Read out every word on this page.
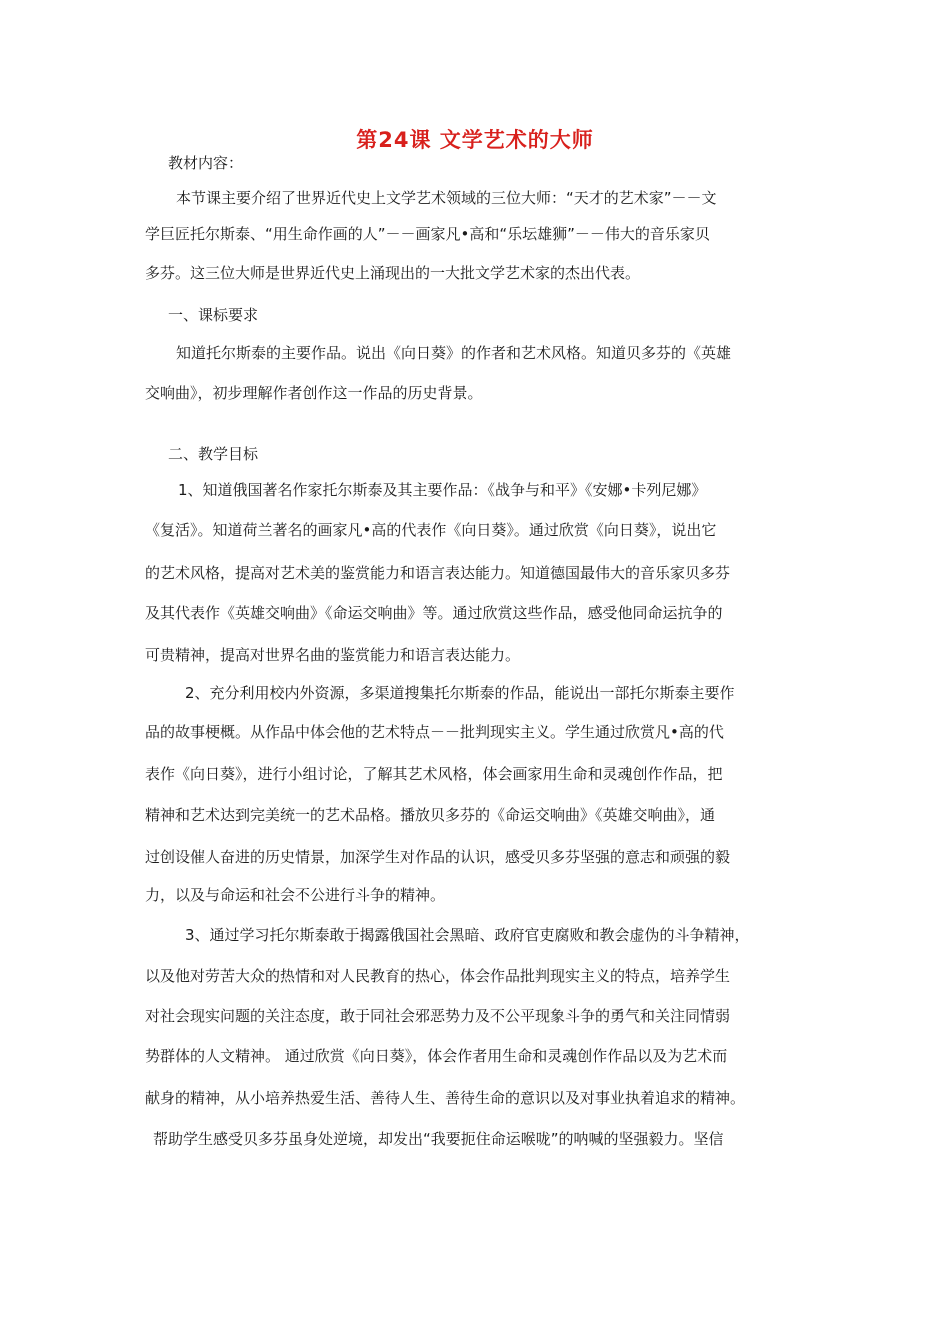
第24课 文学艺术的大师
教材内容：
本节课主要介绍了世界近代史上文学艺术领域的三位大师：“天才的艺术家”－－文
学巨匠托尔斯泰、“用生命作画的人”－－画家凡•高和“乐坛雄狮”－－伟大的音乐家贝
多芬。这三位大师是世界近代史上涌现出的一大批文学艺术家的杰出代表。
一、课标要求
知道托尔斯泰的主要作品。说出《向日葵》的作者和艺术风格。知道贝多芬的《英雄
交响曲》，初步理解作者创作这一作品的历史背景。
二、教学目标
1、知道俄国著名作家托尔斯泰及其主要作品：《战争与和平》《安娜•卡列尼娜》
《复活》。知道荷兰著名的画家凡•高的代表作《向日葵》。通过欣赏《向日葵》，说出它
的艺术风格，提高对艺术美的鉴赏能力和语言表达能力。知道德国最伟大的音乐家贝多芬
及其代表作《英雄交响曲》《命运交响曲》等。通过欣赏这些作品，感受他同命运抗争的
可贵精神，提高对世界名曲的鉴赏能力和语言表达能力。
2、充分利用校内外资源，多渠道搜集托尔斯泰的作品，能说出一部托尔斯泰主要作
品的故事梗概。从作品中体会他的艺术特点－－批判现实主义。学生通过欣赏凡•高的代
表作《向日葵》，进行小组讨论，了解其艺术风格，体会画家用生命和灵魂创作作品，把
精神和艺术达到完美统一的艺术品格。播放贝多芬的《命运交响曲》《英雄交响曲》，通
过创设催人奋进的历史情景，加深学生对作品的认识，感受贝多芬坚强的意志和顽强的毅
力，以及与命运和社会不公进行斗争的精神。
3、通过学习托尔斯泰敢于揭露俄国社会黑暗、政府官吏腐败和教会虚伪的斗争精神，
以及他对劳苦大众的热情和对人民教育的热心，体会作品批判现实主义的特点，培养学生
对社会现实问题的关注态度，敢于同社会邪恶势力及不公平现象斗争的勇气和关注同情弱
势群体的人文精神。 通过欣赏《向日葵》，体会作者用生命和灵魂创作作品以及为艺术而
献身的精神，从小培养热爱生活、善待人生、善待生命的意识以及对事业执着追求的精神。
帮助学生感受贝多芬虽身处逆境，却发出“我要扼住命运喉咙”的呐喊的坚强毅力。坚信
